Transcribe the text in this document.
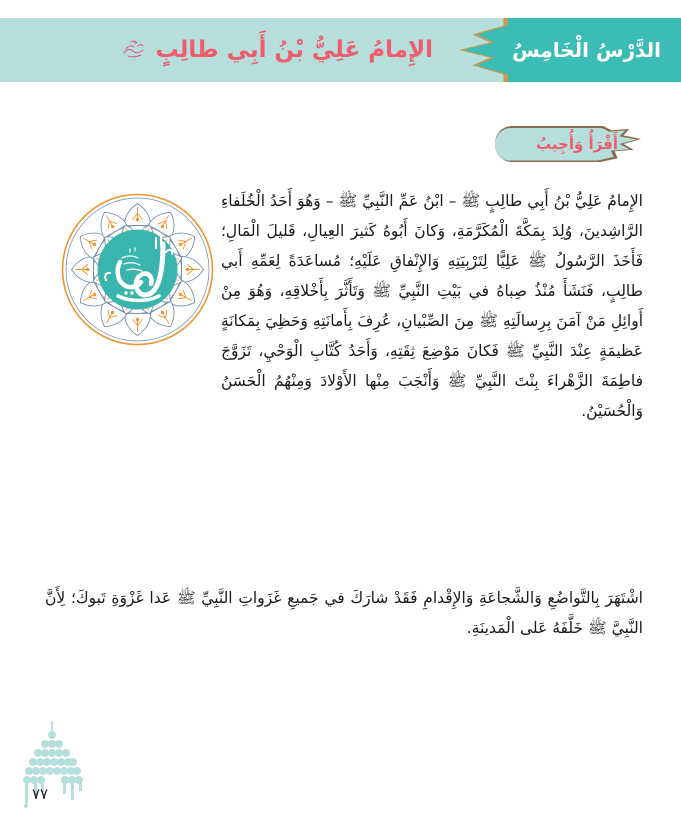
الإِمامُ عَلِيُّ بْنُ أَبِي طالِبٍ	الدَّرْسُ الْخَامِسُ
أَقْرَأُ وَأُجِيبُ

الإِمامُ عَلِيُّ بْنُ أَبِي طالِبٍ ﷺ – ابْنُ عَمِّ النَّبِيِّ ﷺ – وَهُوَ أَحَدُ الْخُلَفاءِ الرَّاشِدينَ، وُلِدَ بِمَكَّةَ الْمُكَرَّمَةِ، وَكانَ أَبُوهُ كَثيرَ العِيالِ، قَليلَ الْمَالِ؛ فَأَخَذَ الرَّسُولُ ﷺ عَلِيًّا لِتَرْبِيَتِهِ وَالإِنْفاقِ عَلَيْهِ؛ مُساعَدَةً لِعَمِّهِ أَبي طالِبٍ، فَنَشَأَ مُنْذُ صِباهُ في بَيْتِ النَّبِيِّ ﷺ وَتَأَثَّرَ بِأَخْلاقِهِ، وَهُوَ مِنْ أَوائِلِ مَنْ آمَنَ بِرِسالَتِهِ ﷺ مِنَ الصِّبْيانِ، عُرِفَ بِأَمانَتِهِ وَحَظِيَ بِمَكانَةٍ عَظيمَةٍ عِنْدَ النَّبِيِّ ﷺ فَكانَ مَوْضِعَ ثِقَتِهِ، وَأَحَدُ كُتَّابِ الْوَحْيِ، تَزَوَّجَ فاطِمَةَ الزَّهْراءَ بِنْتَ النَّبِيِّ ﷺ وَأَنْجَبَ مِنْها الأَوْلادَ وَمِنْهُمُ الْحَسَنُ وَالْحُسَيْنُ.

اشْتَهَرَ بِالتَّواضُعِ وَالشَّجاعَةِ وَالإِقْدامِ فَقَدْ شارَكَ في جَميعِ غَزَواتِ النَّبِيِّ ﷺ عَدا غَزْوَةِ تَبوكَ؛ لِأَنَّ النَّبِيَّ ﷺ خَلَّفَهُ عَلى الْمَدينَةِ.

٧٧
